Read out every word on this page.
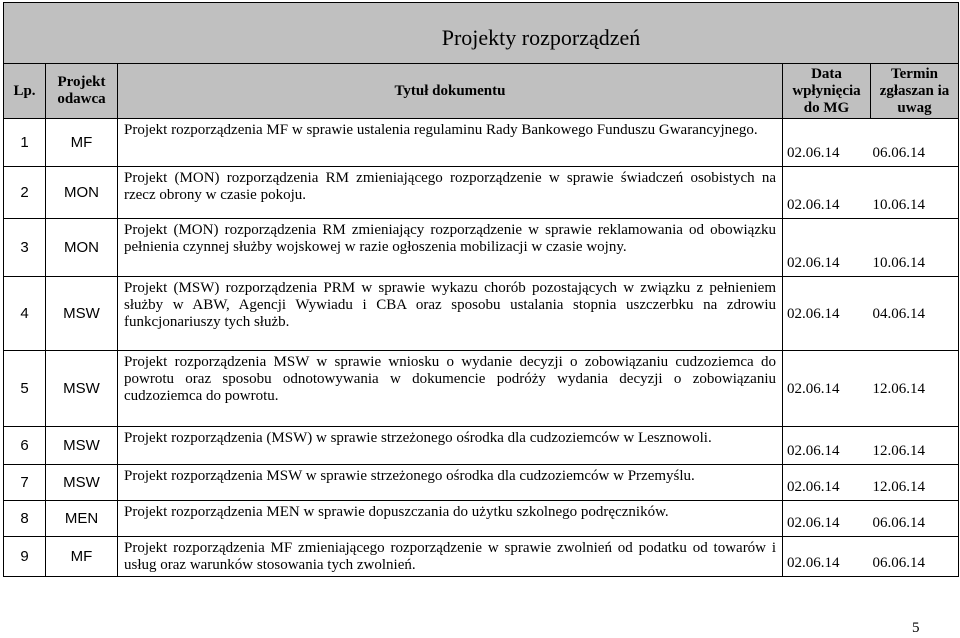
Projekty rozporządzeń				
Lp.	Projekt odawca	Tytuł dokumentu	Data wpłynięcia do MG	Termin zgłaszan ia uwag
1	MF	Projekt rozporządzenia MF w sprawie ustalenia regulaminu Rady Bankowego Funduszu Gwarancyjnego.	02.06.14	06.06.14
2	MON	Projekt (MON) rozporządzenia RM zmieniającego rozporządzenie w sprawie świadczeń osobistych na rzecz obrony w czasie pokoju.	02.06.14	10.06.14
3	MON	Projekt (MON) rozporządzenia RM zmieniający rozporządzenie w sprawie reklamowania od obowiązku pełnienia czynnej służby wojskowej w razie ogłoszenia mobilizacji w czasie wojny.	02.06.14	10.06.14
4	MSW	Projekt (MSW) rozporządzenia PRM w sprawie wykazu chorób pozostających w związku z pełnieniem służby w ABW, Agencji Wywiadu i CBA oraz sposobu ustalania stopnia uszczerbku na zdrowiu funkcjonariuszy tych służb.	02.06.14	04.06.14
5	MSW	Projekt rozporządzenia MSW w sprawie wniosku o wydanie decyzji o zobowiązaniu cudzoziemca do powrotu oraz sposobu odnotowywania w dokumencie podróży wydania decyzji o zobowiązaniu cudzoziemca do powrotu.	02.06.14	12.06.14
6	MSW	Projekt rozporządzenia (MSW) w sprawie strzeżonego ośrodka dla cudzoziemców w Lesznowoli.	02.06.14	12.06.14
7	MSW	Projekt rozporządzenia MSW w sprawie strzeżonego ośrodka dla cudzoziemców w Przemyślu.	02.06.14	12.06.14
8	MEN	Projekt rozporządzenia MEN w sprawie dopuszczania do użytku szkolnego podręczników.	02.06.14	06.06.14
9	MF	Projekt rozporządzenia MF zmieniającego rozporządzenie w sprawie zwolnień od podatku od towarów i usług oraz warunków stosowania tych zwolnień.	02.06.14	06.06.14
5
